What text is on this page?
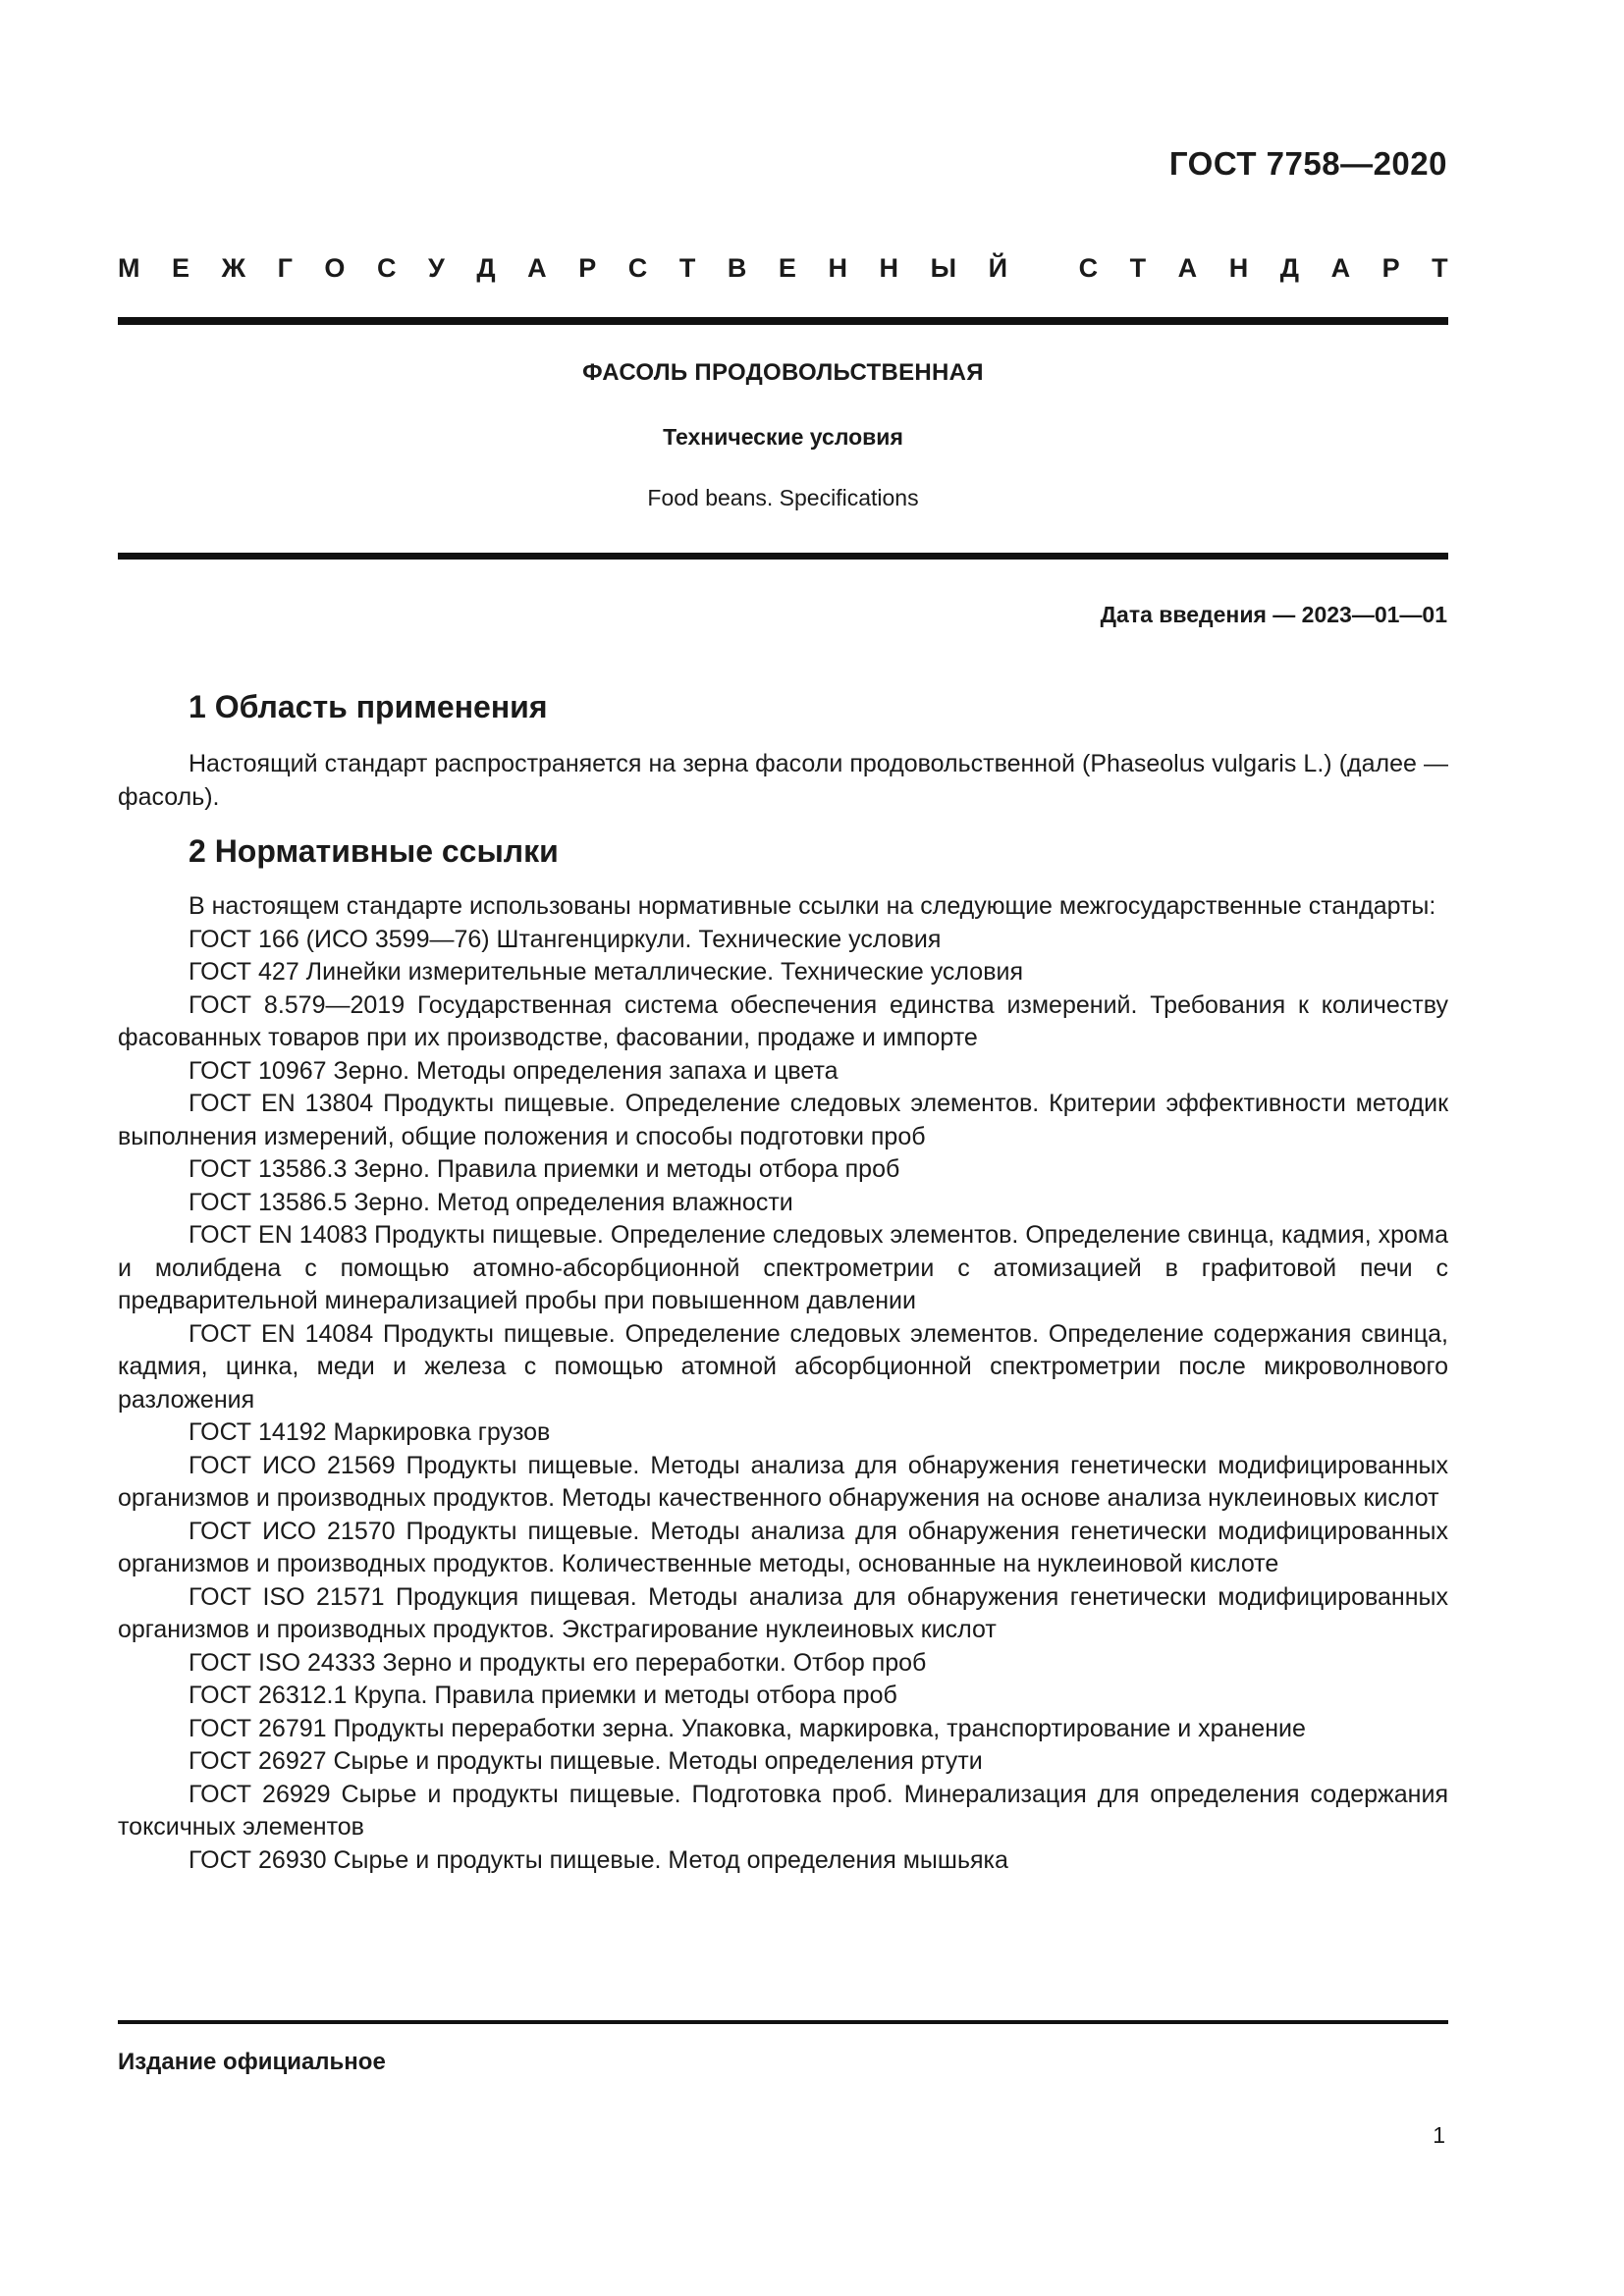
ГОСТ 7758—2020
М Е Ж Г О С У Д А Р С Т В Е Н Н Ы Й
	С Т А Н Д А Р Т
ФАСОЛЬ ПРОДОВОЛЬСТВЕННАЯ
Технические условия
Food beans. Specifications
Дата введения — 2023—01—01
1 Область применения

Настоящий стандарт распространяется на зерна фасоли продовольственной (Phaseolus vulgaris L.) (далее — фасоль).

2 Нормативные ссылки

В настоящем стандарте использованы нормативные ссылки на следующие межгосударственные стандарты:

ГОСТ 166 (ИСО 3599—76) Штангенциркули. Технические условия

ГОСТ 427 Линейки измерительные металлические. Технические условия

ГОСТ 8.579—2019 Государственная система обеспечения единства измерений. Требования к количеству фасованных товаров при их производстве, фасовании, продаже и импорте

ГОСТ 10967 Зерно. Методы определения запаха и цвета

ГОСТ EN 13804 Продукты пищевые. Определение следовых элементов. Критерии эффективности методик выполнения измерений, общие положения и способы подготовки проб

ГОСТ 13586.3 Зерно. Правила приемки и методы отбора проб

ГОСТ 13586.5 Зерно. Метод определения влажности

ГОСТ EN 14083 Продукты пищевые. Определение следовых элементов. Определение свинца, кадмия, хрома и молибдена с помощью атомно-абсорбционной спектрометрии с атомизацией в графитовой печи с предварительной минерализацией пробы при повышенном давлении

ГОСТ EN 14084 Продукты пищевые. Определение следовых элементов. Определение содержания свинца, кадмия, цинка, меди и железа с помощью атомной абсорбционной спектрометрии после микроволнового разложения

ГОСТ 14192 Маркировка грузов

ГОСТ ИСО 21569 Продукты пищевые. Методы анализа для обнаружения генетически модифицированных организмов и производных продуктов. Методы качественного обнаружения на основе анализа нуклеиновых кислот

ГОСТ ИСО 21570 Продукты пищевые. Методы анализа для обнаружения генетически модифицированных организмов и производных продуктов. Количественные методы, основанные на нуклеиновой кислоте

ГОСТ ISO 21571 Продукция пищевая. Методы анализа для обнаружения генетически модифицированных организмов и производных продуктов. Экстрагирование нуклеиновых кислот

ГОСТ ISO 24333 Зерно и продукты его переработки. Отбор проб

ГОСТ 26312.1 Крупа. Правила приемки и методы отбора проб

ГОСТ 26791 Продукты переработки зерна. Упаковка, маркировка, транспортирование и хранение

ГОСТ 26927 Сырье и продукты пищевые. Методы определения ртути

ГОСТ 26929 Сырье и продукты пищевые. Подготовка проб. Минерализация для определения содержания токсичных элементов

ГОСТ 26930 Сырье и продукты пищевые. Метод определения мышьяка

Издание официальное
1
